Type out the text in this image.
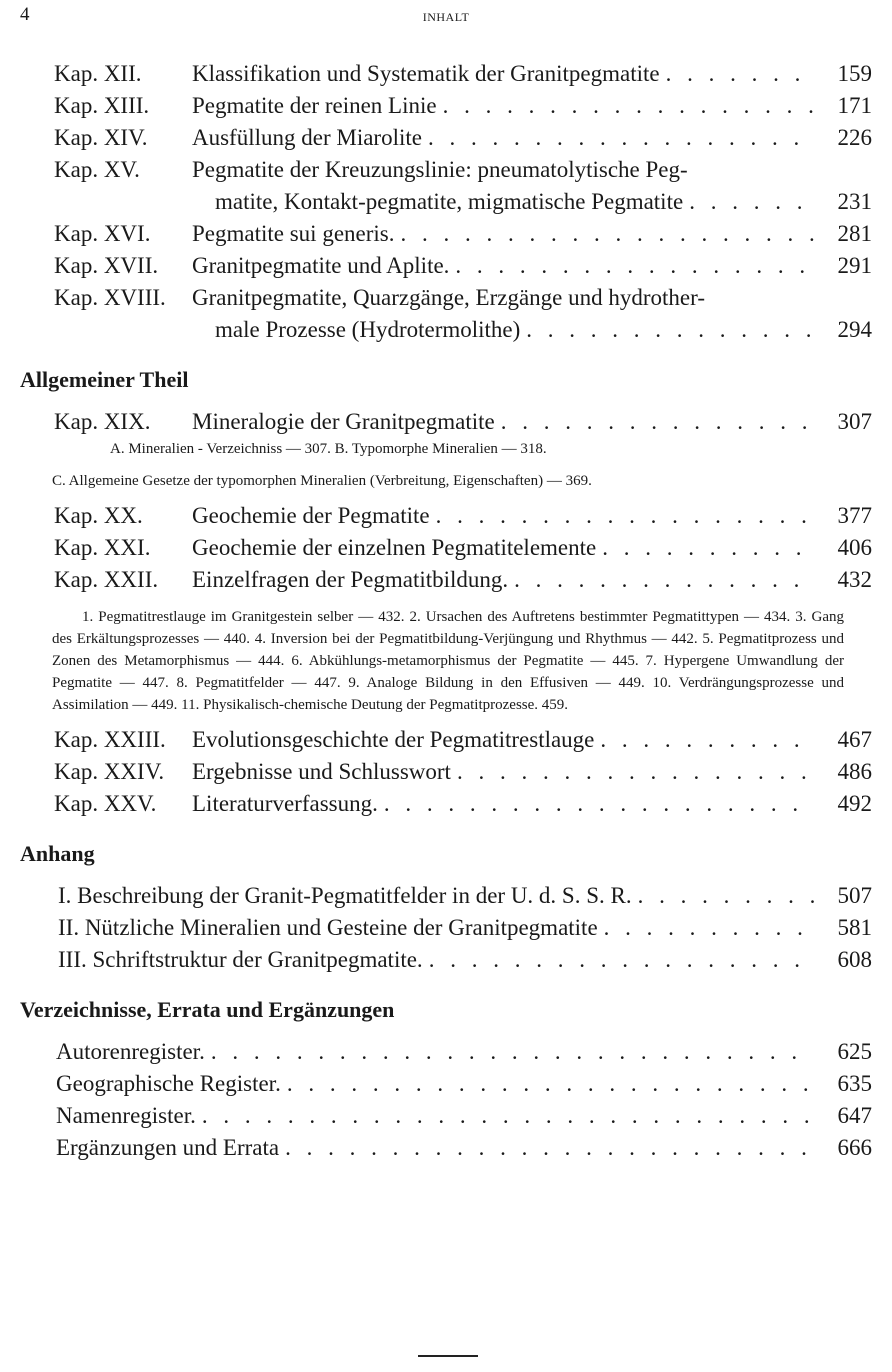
4	INHALT
Kap. XII. Klassifikation und Systematik der Granitpegmatite . . .	159
Kap. XIII. Pegmatite der reinen Linie . . .	171
Kap. XIV. Ausfüllung der Miarolite . . .	226
Kap. XV. Pegmatite der Kreuzungslinie: pneumatolytische Peg-
matite, Kontakt-pegmatite, migmatische Pegmatite . . .	231
Kap. XVI. Pegmatite sui generis. . . .	281
Kap. XVII. Granitpegmatite und Aplite. . . .	291
Kap. XVIII. Granitpegmatite, Quarzgänge, Erzgänge und hydrother-
male Prozesse (Hydrotermolithe) . . .	294
Allgemeiner Theil
Kap. XIX. Mineralogie der Granitpegmatite . . .	307
A. Mineralien - Verzeichniss — 307. B. Typomorphe Mineralien — 318.
C. Allgemeine Gesetze der typomorphen Mineralien (Verbreitung, Eigenschaften) — 369.
Kap. XX. Geochemie der Pegmatite . . .	377
Kap. XXI. Geochemie der einzelnen Pegmatitelemente . . .	406
Kap. XXII. Einzelfragen der Pegmatitbildung. . . .	432
1. Pegmatitrestlauge im Granitgestein selber — 432. 2. Ursachen des Auftretens bestimmter Pegmatittypen — 434. 3. Gang des Erkältungsprozesses — 440. 4. Inversion bei der Pegmatitbildung-Verjüngung und Rhythmus — 442. 5. Pegmatitprozess und Zonen des Metamorphismus — 444. 6. Abkühlungs-metamorphismus der Pegmatite — 445. 7. Hypergene Umwandlung der Pegmatite — 447. 8. Pegmatitfelder — 447. 9. Analoge Bildung in den Effusiven — 449. 10. Verdrängungsprozesse und Assimilation — 449. 11. Physikalisch-chemische Deutung der Pegmatitprozesse. 459.
Kap. XXIII. Evolutionsgeschichte der Pegmatitrestlauge . . .	467
Kap. XXIV. Ergebnisse und Schlusswort . . .	486
Kap. XXV. Literaturverfassung. . . .	492
Anhang
I. Beschreibung der Granit-Pegmatitfelder in der U. d. S. S. R. . . .	507
II. Nützliche Mineralien und Gesteine der Granitpegmatite . . .	581
III. Schriftstruktur der Granitpegmatite. . . .	608
Verzeichnisse, Errata und Ergänzungen
Autorenregister. . . .	625
Geographische Register. . . .	635
Namenregister. . . .	647
Ergänzungen und Errata . . .	666
